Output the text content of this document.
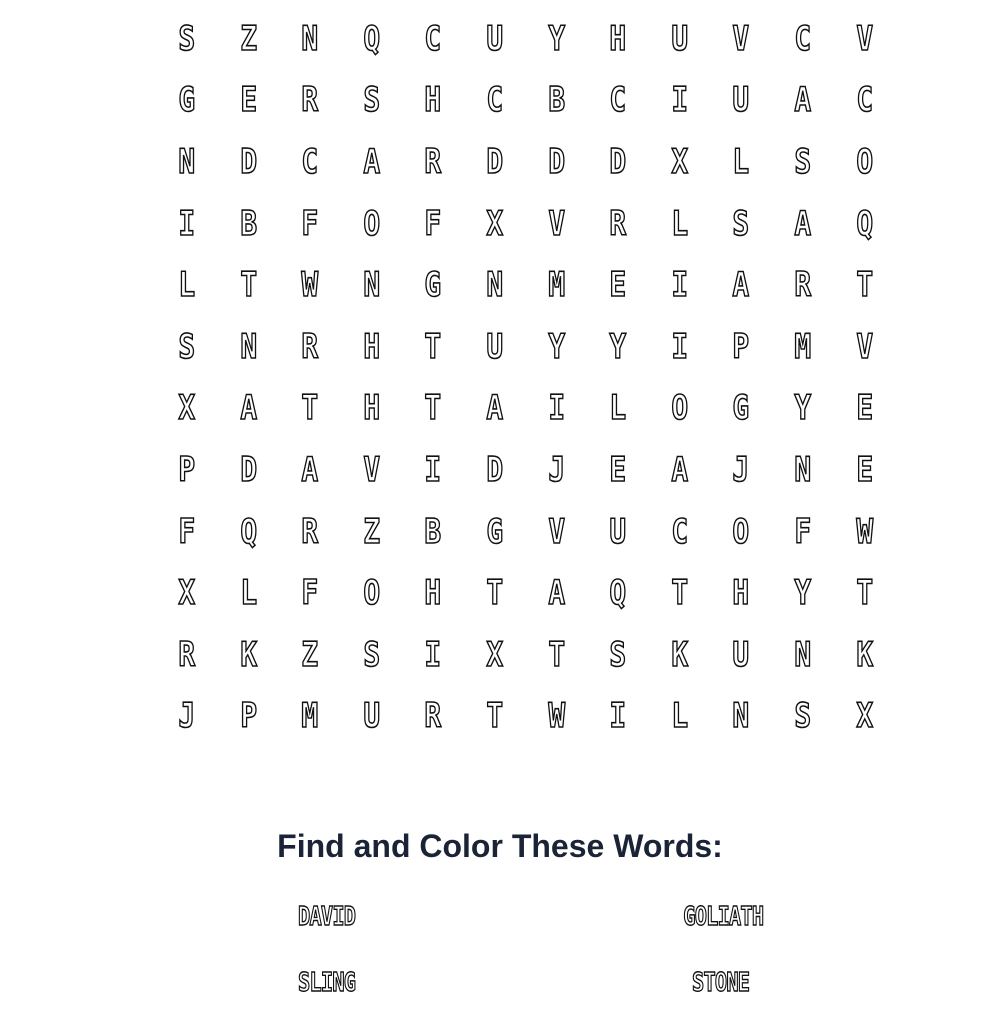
S	Z	N	Q	C	U	Y	H	U	V	C	V
G	E	R	S	H	C	B	C	I	U	A	C
N	D	C	A	R	D	D	D	X	L	S	O
I	B	F	O	F	X	V	R	L	S	A	Q
L	T	W	N	G	N	M	E	I	A	R	T
S	N	R	H	T	U	Y	Y	I	P	M	V
X	A	T	H	T	A	I	L	O	G	Y	E
P	D	A	V	I	D	J	E	A	J	N	E
F	Q	R	Z	B	G	V	U	C	O	F	W
X	L	F	O	H	T	A	Q	T	H	Y	T
R	K	Z	S	I	X	T	S	K	U	N	K
J	P	M	U	R	T	W	I	L	N	S	X
Find and Color These Words:
DAVID	GOLIATH
SLING	STONE
